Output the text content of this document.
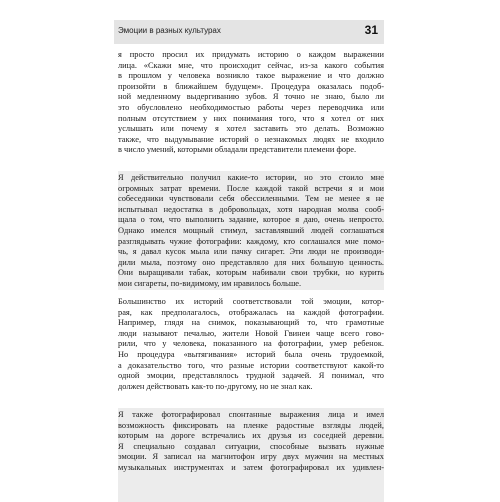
Эмоции в разных культурах	31
я просто просил их придумать историю о каждом выражении
лица. «Скажи мне, что происходит сейчас, из-за какого события
в прошлом у человека возникло такое выражение и что должно
произойти в ближайшем будущем». Процедура оказалась подоб-
ной медленному выдергиванию зубов. Я точно не знаю, было ли
это обусловлено необходимостью работы через переводчика или
полным отсутствием у них понимания того, что я хотел от них
услышать или почему я хотел заставить это делать. Возможно
также, что выдумывание историй о незнакомых людях не входило
в число умений, которыми обладали представители племени форе.
Я действительно получил какие-то истории, но это стоило мне
огромных затрат времени. После каждой такой встречи я и мои
собеседники чувствовали себя обессиленными. Тем не менее я не
испытывал недостатка в добровольцах, хотя народная молва сооб-
щала о том, что выполнить задание, которое я даю, очень непросто.
Однако имелся мощный стимул, заставлявший людей соглашаться
разглядывать чужие фотографии: каждому, кто соглашался мне помо-
чь, я давал кусок мыла или пачку сигарет. Эти люди не производи-
дили мыла, поэтому оно представляло для них большую ценность.
Они выращивали табак, которым набивали свои трубки, но курить
мои сигареты, по-видимому, им нравилось больше.
Большинство их историй соответствовали той эмоции, котор-
рая, как предполагалось, отображалась на каждой фотографии.
Например, глядя на снимок, показывающий то, что грамотные
люди называют печалью, жители Новой Гвинеи чаще всего гово-
рили, что у человека, показанного на фотографии, умер ребенок.
Но процедура «вытягивания» историй была очень трудоемкой,
а доказательство того, что разные истории соответствуют какой-то
одной эмоции, представлялось трудной задачей. Я понимал, что
должен действовать как-то по-другому, но не знал как.
Я также фотографировал спонтанные выражения лица и имел
возможность фиксировать на пленке радостные взгляды людей,
которым на дороге встречались их друзья из соседней деревни.
Я специально создавал ситуации, способные вызвать нужные
эмоции. Я записал на магнитофон игру двух мужчин на местных
музыкальных инструментах и затем фотографировал их удивлен-
